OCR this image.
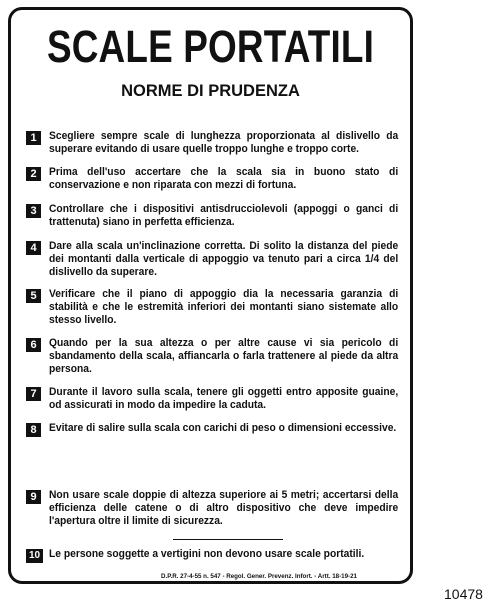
SCALE PORTATILI
NORME DI PRUDENZA
1	Scegliere sempre scale di lunghezza proporzionata al dislivello da superare evitando di usare quelle troppo lunghe e troppo corte.
2	Prima dell'uso accertare che la scala sia in buono stato di conservazione e non riparata con mezzi di fortuna.
3	Controllare che i dispositivi antisdrucciolevoli (appoggi o ganci di trattenuta) siano in perfetta efficienza.
4	Dare alla scala un'inclinazione corretta. Di solito la distanza del piede dei montanti dalla verticale di appoggio va tenuto pari a circa 1/4 del dislivello da superare.
5	Verificare che il piano di appoggio dia la necessaria garanzia di stabilità e che le estremità inferiori dei montanti siano sistemate allo stesso livello.
6	Quando per la sua altezza o per altre cause vi sia pericolo di sbandamento della scala, affiancarla o farla trattenere al piede da altra persona.
7	Durante il lavoro sulla scala, tenere gli oggetti entro apposite guaine, od assicurati in modo da impedire la caduta.
8	Evitare di salire sulla scala con carichi di peso o dimensioni eccessive.
9	Non usare scale doppie di altezza superiore ai 5 metri; accertarsi della efficienza delle catene o di altro dispositivo che deve impedire l'apertura oltre il limite di sicurezza.
10 Le persone soggette a vertigini non devono usare scale portatili.
D.P.R. 27-4-55 n. 547 - Regol. Gener. Prevenz. Infort. - Artt. 18-19-21
10478
